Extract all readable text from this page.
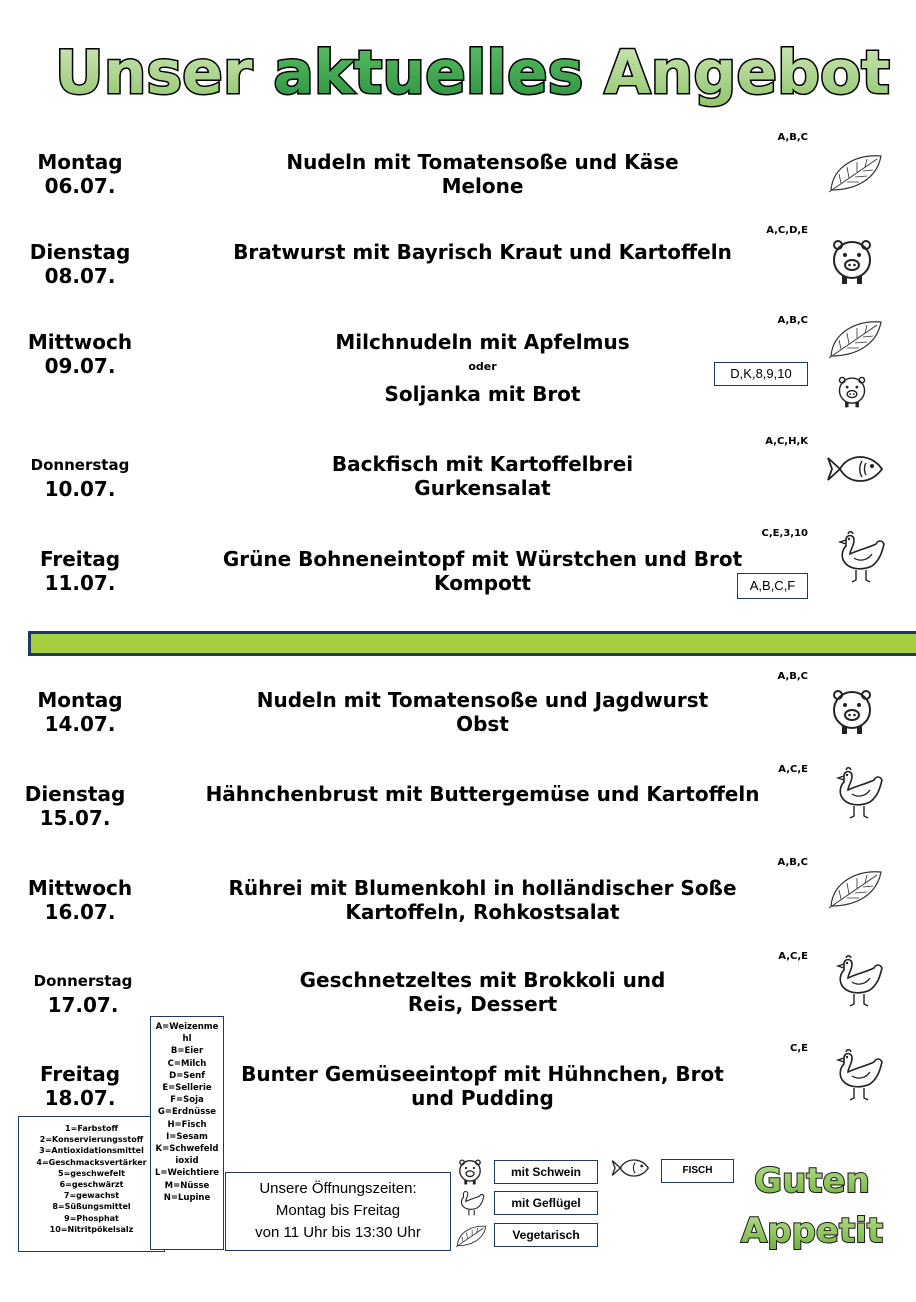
Unser aktuelles Angebot
A,B,C
Montag
06.07.
Nudeln mit Tomatensoße und Käse
Melone
A,C,D,E
Dienstag
08.07.
Bratwurst mit Bayrisch Kraut und Kartoffeln
A,B,C
Mittwoch
09.07.
Milchnudeln mit Apfelmus
oder
Soljanka mit Brot
D,K,8,9,10
A,C,H,K
Donnerstag
10.07.
Backfisch mit Kartoffelbrei
Gurkensalat
C,E,3,10
Freitag
11.07.
Grüne Bohneneintopf mit Würstchen und Brot
Kompott	A,B,C,F
A,B,C
Montag
14.07.
Nudeln mit Tomatensoße und Jagdwurst
Obst
A,C,E
Dienstag
15.07.
Hähnchenbrust mit Buttergemüse und Kartoffeln
A,B,C
Mittwoch
16.07.
Rührei mit Blumenkohl in holländischer Soße
Kartoffeln, Rohkostsalat
A,C,E
Donnerstag
17.07.
Geschnetzeltes mit Brokkoli und
Reis, Dessert
C,E
Freitag
18.07.
Bunter Gemüseeintopf mit Hühnchen, Brot
und Pudding
1=Farbstoff
2=Konservierungsstoff
3=Antioxidationsmittel
4=Geschmacksvertärker
5=geschwefelt
6=geschwärzt
7=gewachst
8=Süßungsmittel
9=Phosphat
10=Nitritpökelsalz
A=Weizenme
hl
B=Eier
C=Milch
D=Senf
E=Sellerie
F=Soja
G=Erdnüsse
H=Fisch
I=Sesam
K=Schwefeld
ioxid
L=Weichtiere
M=Nüsse
N=Lupine
Unsere Öffnungszeiten:
Montag bis Freitag
von 11 Uhr bis 13:30 Uhr
mit Schwein
mit Geflügel
Vegetarisch
FISCH	Guten
Appetit
